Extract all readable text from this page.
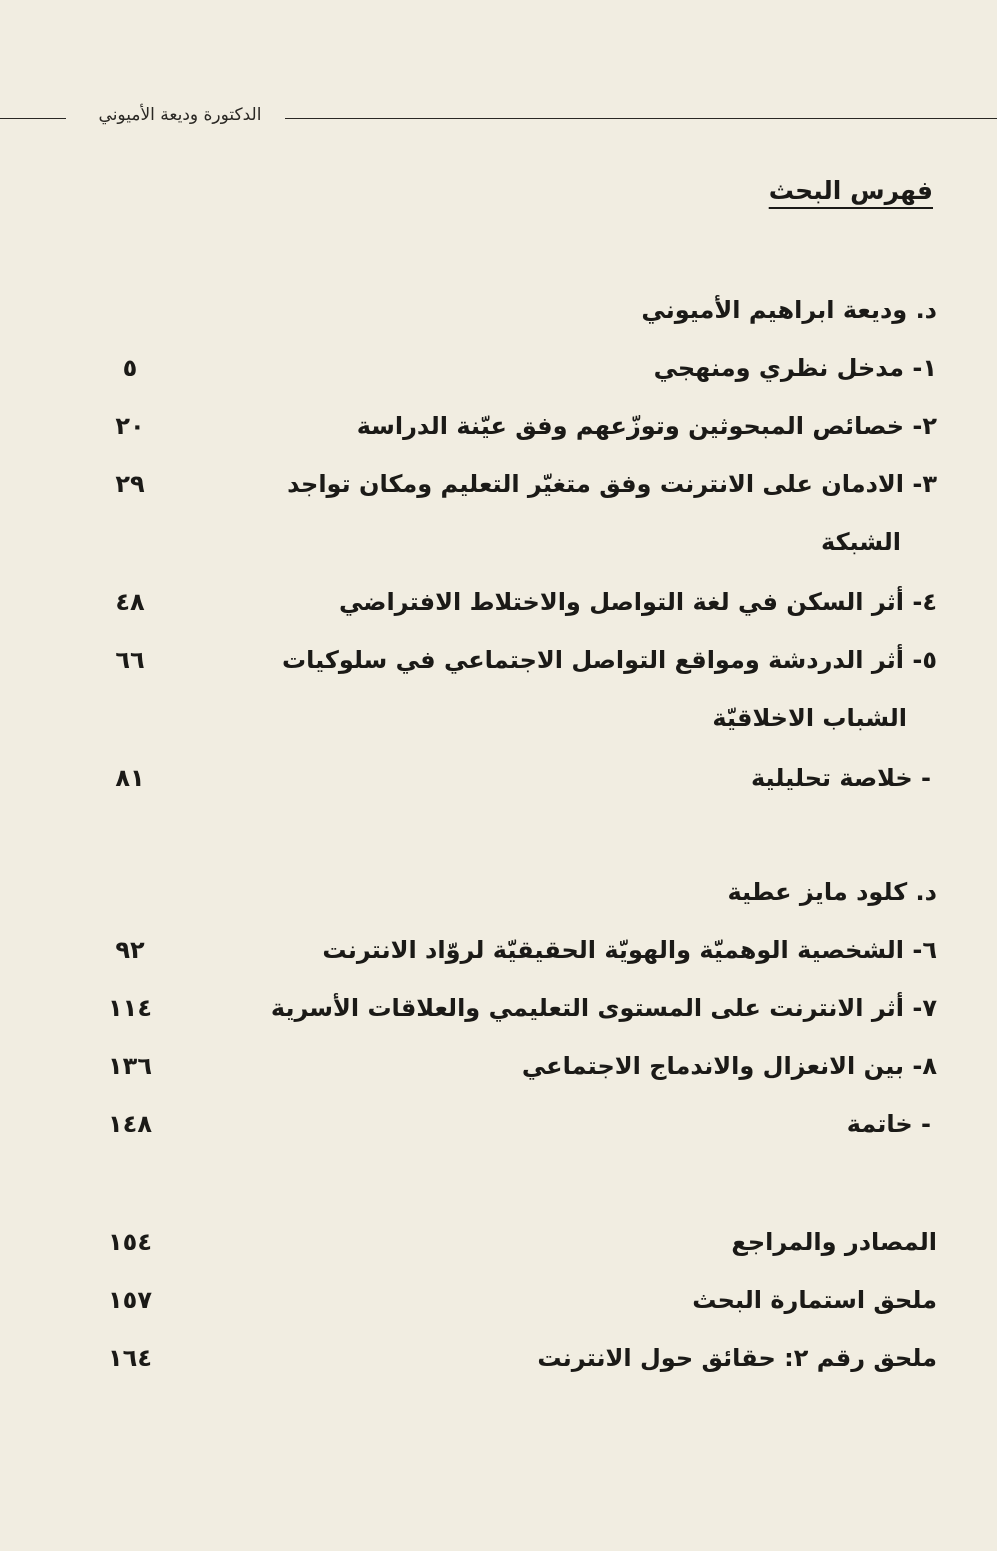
الدكتورة وديعة الأميوني
فهرس البحث
د. وديعة ابراهيم الأميوني
١- مدخل نظري ومنهجي
٥
٢- خصائص المبحوثين وتوزّعهم وفق عيّنة الدراسة
٢٠
٣- الادمان على الانترنت وفق متغيّر التعليم ومكان تواجد
٢٩
الشبكة
٤- أثر السكن في لغة التواصل والاختلاط الافتراضي
٤٨
٥- أثر الدردشة ومواقع التواصل الاجتماعي في سلوكيات
٦٦
الشباب الاخلاقيّة
- خلاصة تحليلية
٨١
د. كلود مايز عطية
٦- الشخصية الوهميّة والهويّة الحقيقيّة لروّاد الانترنت
٩٢
٧- أثر الانترنت على المستوى التعليمي والعلاقات الأسرية
١١٤
٨- بين الانعزال والاندماج الاجتماعي
١٣٦
- خاتمة
١٤٨
المصادر والمراجع
١٥٤
ملحق استمارة البحث
١٥٧
ملحق رقم ٢: حقائق حول الانترنت
١٦٤
